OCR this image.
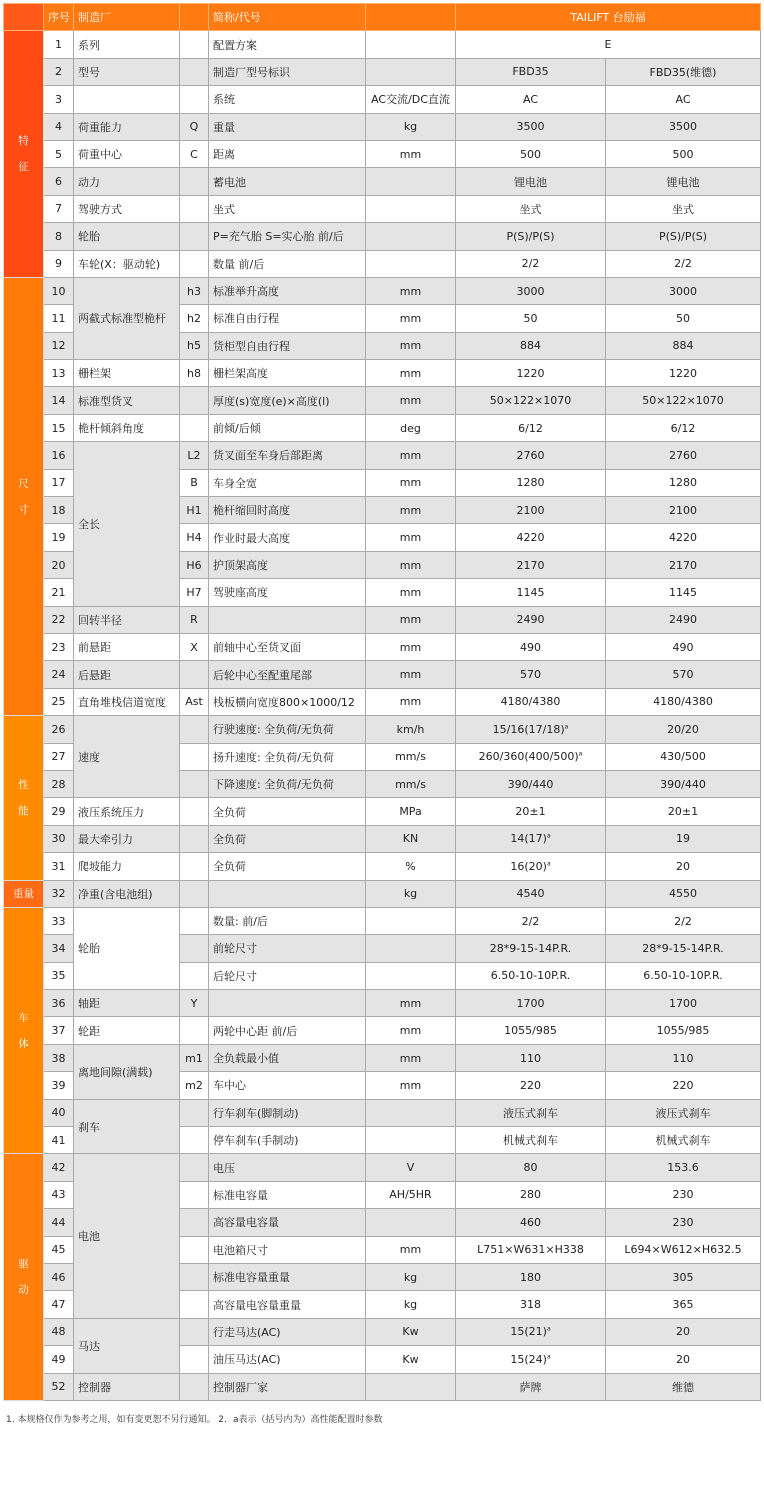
	序号	制造厂		简称/代号		TAILIFT 台励福	

特
征	1	系列		配置方案		E	
	2	型号		制造厂型号标识		FBD35	FBD35(维德)
	3			系统	AC交流/DC直流	AC	AC
	4	荷重能力	Q	重量	kg	3500	3500
	5	荷重中心	C	距离	mm	500	500
	6	动力		蓄电池		锂电池	锂电池
	7	驾驶方式		坐式		坐式	坐式
	8	轮胎		P=充气胎 S=实心胎 前/后		P(S)/P(S)	P(S)/P(S)
	9	车轮(X：驱动轮)		数量 前/后		2/2	2/2

尺
寸	10	两截式标准型桅杆	h3	标准举升高度	mm	3000	3000
	11		h2	标准自由行程	mm	50	50
	12		h5	货柜型自由行程	mm	884	884
	13	栅栏架	h8	栅栏架高度	mm	1220	1220
	14	标准型货叉		厚度(s)宽度(e)×高度(l)	mm	50×122×1070	50×122×1070
	15	桅杆倾斜角度		前倾/后倾	deg	6/12	6/12
	16	全长	L2	货叉面至车身后部距离	mm	2760	2760
	17		B	车身全宽	mm	1280	1280
	18		H1	桅杆缩回时高度	mm	2100	2100
	19		H4	作业时最大高度	mm	4220	4220
	20		H6	护顶架高度	mm	2170	2170
	21		H7	驾驶座高度	mm	1145	1145
	22	回转半径	R		mm	2490	2490
	23	前悬距	X	前轴中心至货叉面	mm	490	490
	24	后悬距		后轮中心至配重尾部	mm	570	570
	25	直角堆栈信道宽度	Ast	栈板横向宽度800×1000/12	mm	4180/4380	4180/4380

性
能	26	速度		行驶速度: 全负荷/无负荷	km/h	$15/16(17/18)^a$	20/20
	27			扬升速度: 全负荷/无负荷	mm/s	$260/360(400/500)^a$	430/500
	28			下降速度: 全负荷/无负荷	mm/s	390/440	390/440
	29	液压系统压力		全负荷	MPa	20±1	20±1
	30	最大牵引力		全负荷	KN	$14(17)^a$	19
	31	爬坡能力		全负荷	%	$16(20)^a$	20

重量	32	净重(含电池组)			kg	4540	4550

车
体	33	轮胎		数量: 前/后		2/2	2/2
	34			前轮尺寸		28*9-15-14P.R.	28*9-15-14P.R.
	35			后轮尺寸		6.50-10-10P.R.	6.50-10-10P.R.
	36	轴距	Y		mm	1700	1700
	37	轮距		两轮中心距 前/后	mm	1055/985	1055/985
	38	离地间隙(满载)	m1	全负载最小值	mm	110	110
	39		m2	车中心	mm	220	220
	40	刹车		行车刹车(脚制动)		液压式刹车	液压式刹车
	41			停车刹车(手制动)		机械式刹车	机械式刹车

驱
动	42	电池		电压	V	80	153.6
	43			标准电容量	AH/5HR	280	230
	44			高容量电容量		460	230
	45			电池箱尺寸	mm	L751×W631×H338	L694×W612×H632.5
	46			标准电容量重量	kg	180	305
	47			高容量电容量重量	kg	318	365
	48	马达		行走马达(AC)	Kw	$15(21)^a$	20
	49			油压马达(AC)	Kw	$15(24)^a$	20
	52	控制器		控制器厂家		萨牌	维德
1. 本规格仅作为参考之用，如有变更恕不另行通知。 2．a表示（括号内为）高性能配置时参数
